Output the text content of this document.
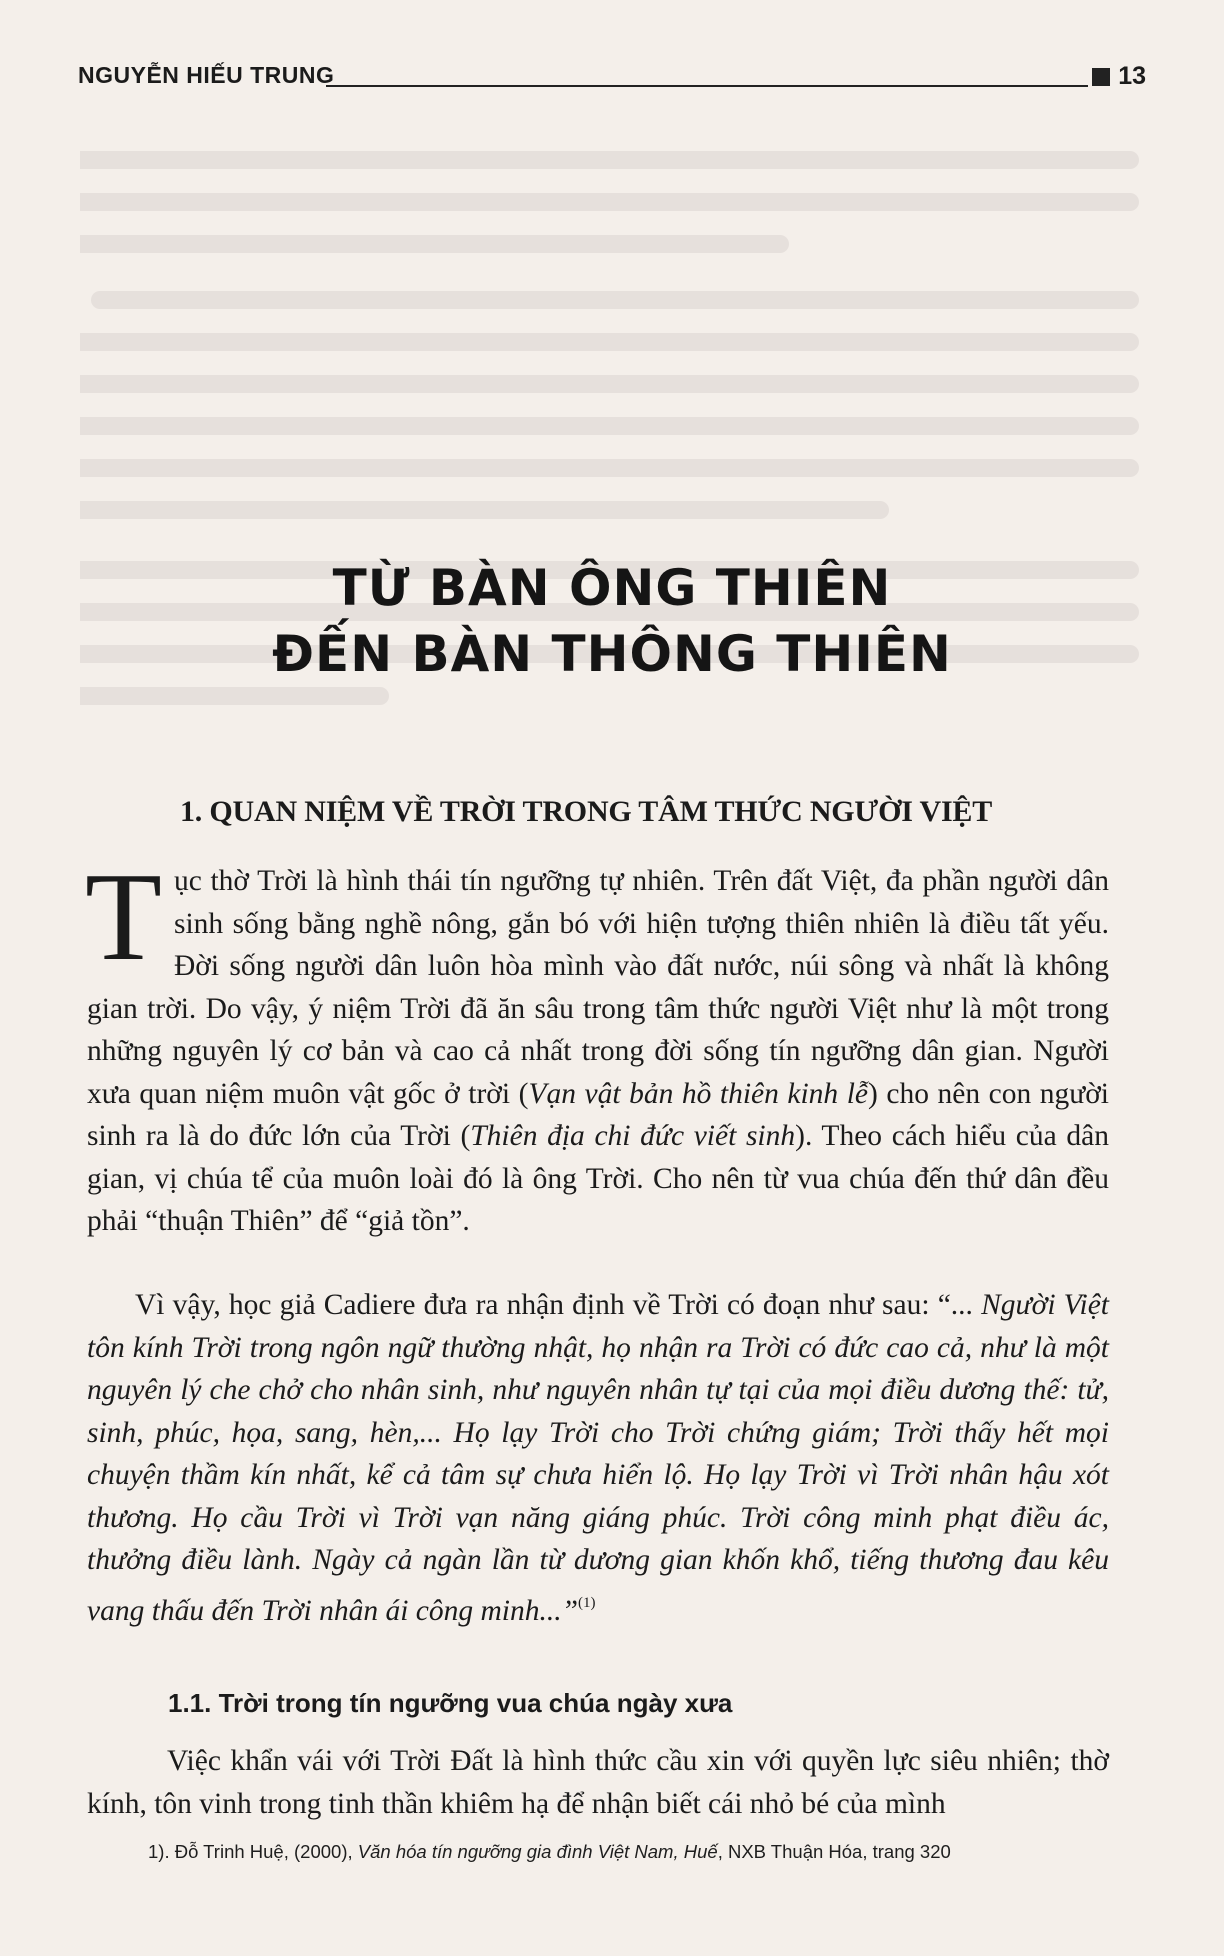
NGUYỄN HIẾU TRUNG	13
TỪ BÀN ÔNG THIÊN
ĐẾN BÀN THÔNG THIÊN
1. QUAN NIỆM VỀ TRỜI TRONG TÂM THỨC NGƯỜI VIỆT
Tục thờ Trời là hình thái tín ngưỡng tự nhiên. Trên đất Việt, đa phần người dân sinh sống bằng nghề nông, gắn bó với hiện tượng thiên nhiên là điều tất yếu. Đời sống người dân luôn hòa mình vào đất nước, núi sông và nhất là không gian trời. Do vậy, ý niệm Trời đã ăn sâu trong tâm thức người Việt như là một trong những nguyên lý cơ bản và cao cả nhất trong đời sống tín ngưỡng dân gian. Người xưa quan niệm muôn vật gốc ở trời (Vạn vật bản hồ thiên kinh lễ) cho nên con người sinh ra là do đức lớn của Trời (Thiên địa chi đức viết sinh). Theo cách hiểu của dân gian, vị chúa tể của muôn loài đó là ông Trời. Cho nên từ vua chúa đến thứ dân đều phải “thuận Thiên” để “giả tồn”.
Vì vậy, học giả Cadiere đưa ra nhận định về Trời có đoạn như sau: “... Người Việt tôn kính Trời trong ngôn ngữ thường nhật, họ nhận ra Trời có đức cao cả, như là một nguyên lý che chở cho nhân sinh, như nguyên nhân tự tại của mọi điều dương thế: tử, sinh, phúc, họa, sang, hèn,... Họ lạy Trời cho Trời chứng giám; Trời thấy hết mọi chuyện thầm kín nhất, kể cả tâm sự chưa hiển lộ. Họ lạy Trời vì Trời nhân hậu xót thương. Họ cầu Trời vì Trời vạn năng giáng phúc. Trời công minh phạt điều ác, thưởng điều lành. Ngày cả ngàn lần từ dương gian khốn khổ, tiếng thương đau kêu vang thấu đến Trời nhân ái công minh...”$^{(1)}$
1.1. Trời trong tín ngưỡng vua chúa ngày xưa
Việc khẩn vái với Trời Đất là hình thức cầu xin với quyền lực siêu nhiên; thờ kính, tôn vinh trong tinh thần khiêm hạ để nhận biết cái nhỏ bé của mình
1). Đỗ Trinh Huệ, (2000), Văn hóa tín ngưỡng gia đình Việt Nam, Huế, NXB Thuận Hóa, trang 320
